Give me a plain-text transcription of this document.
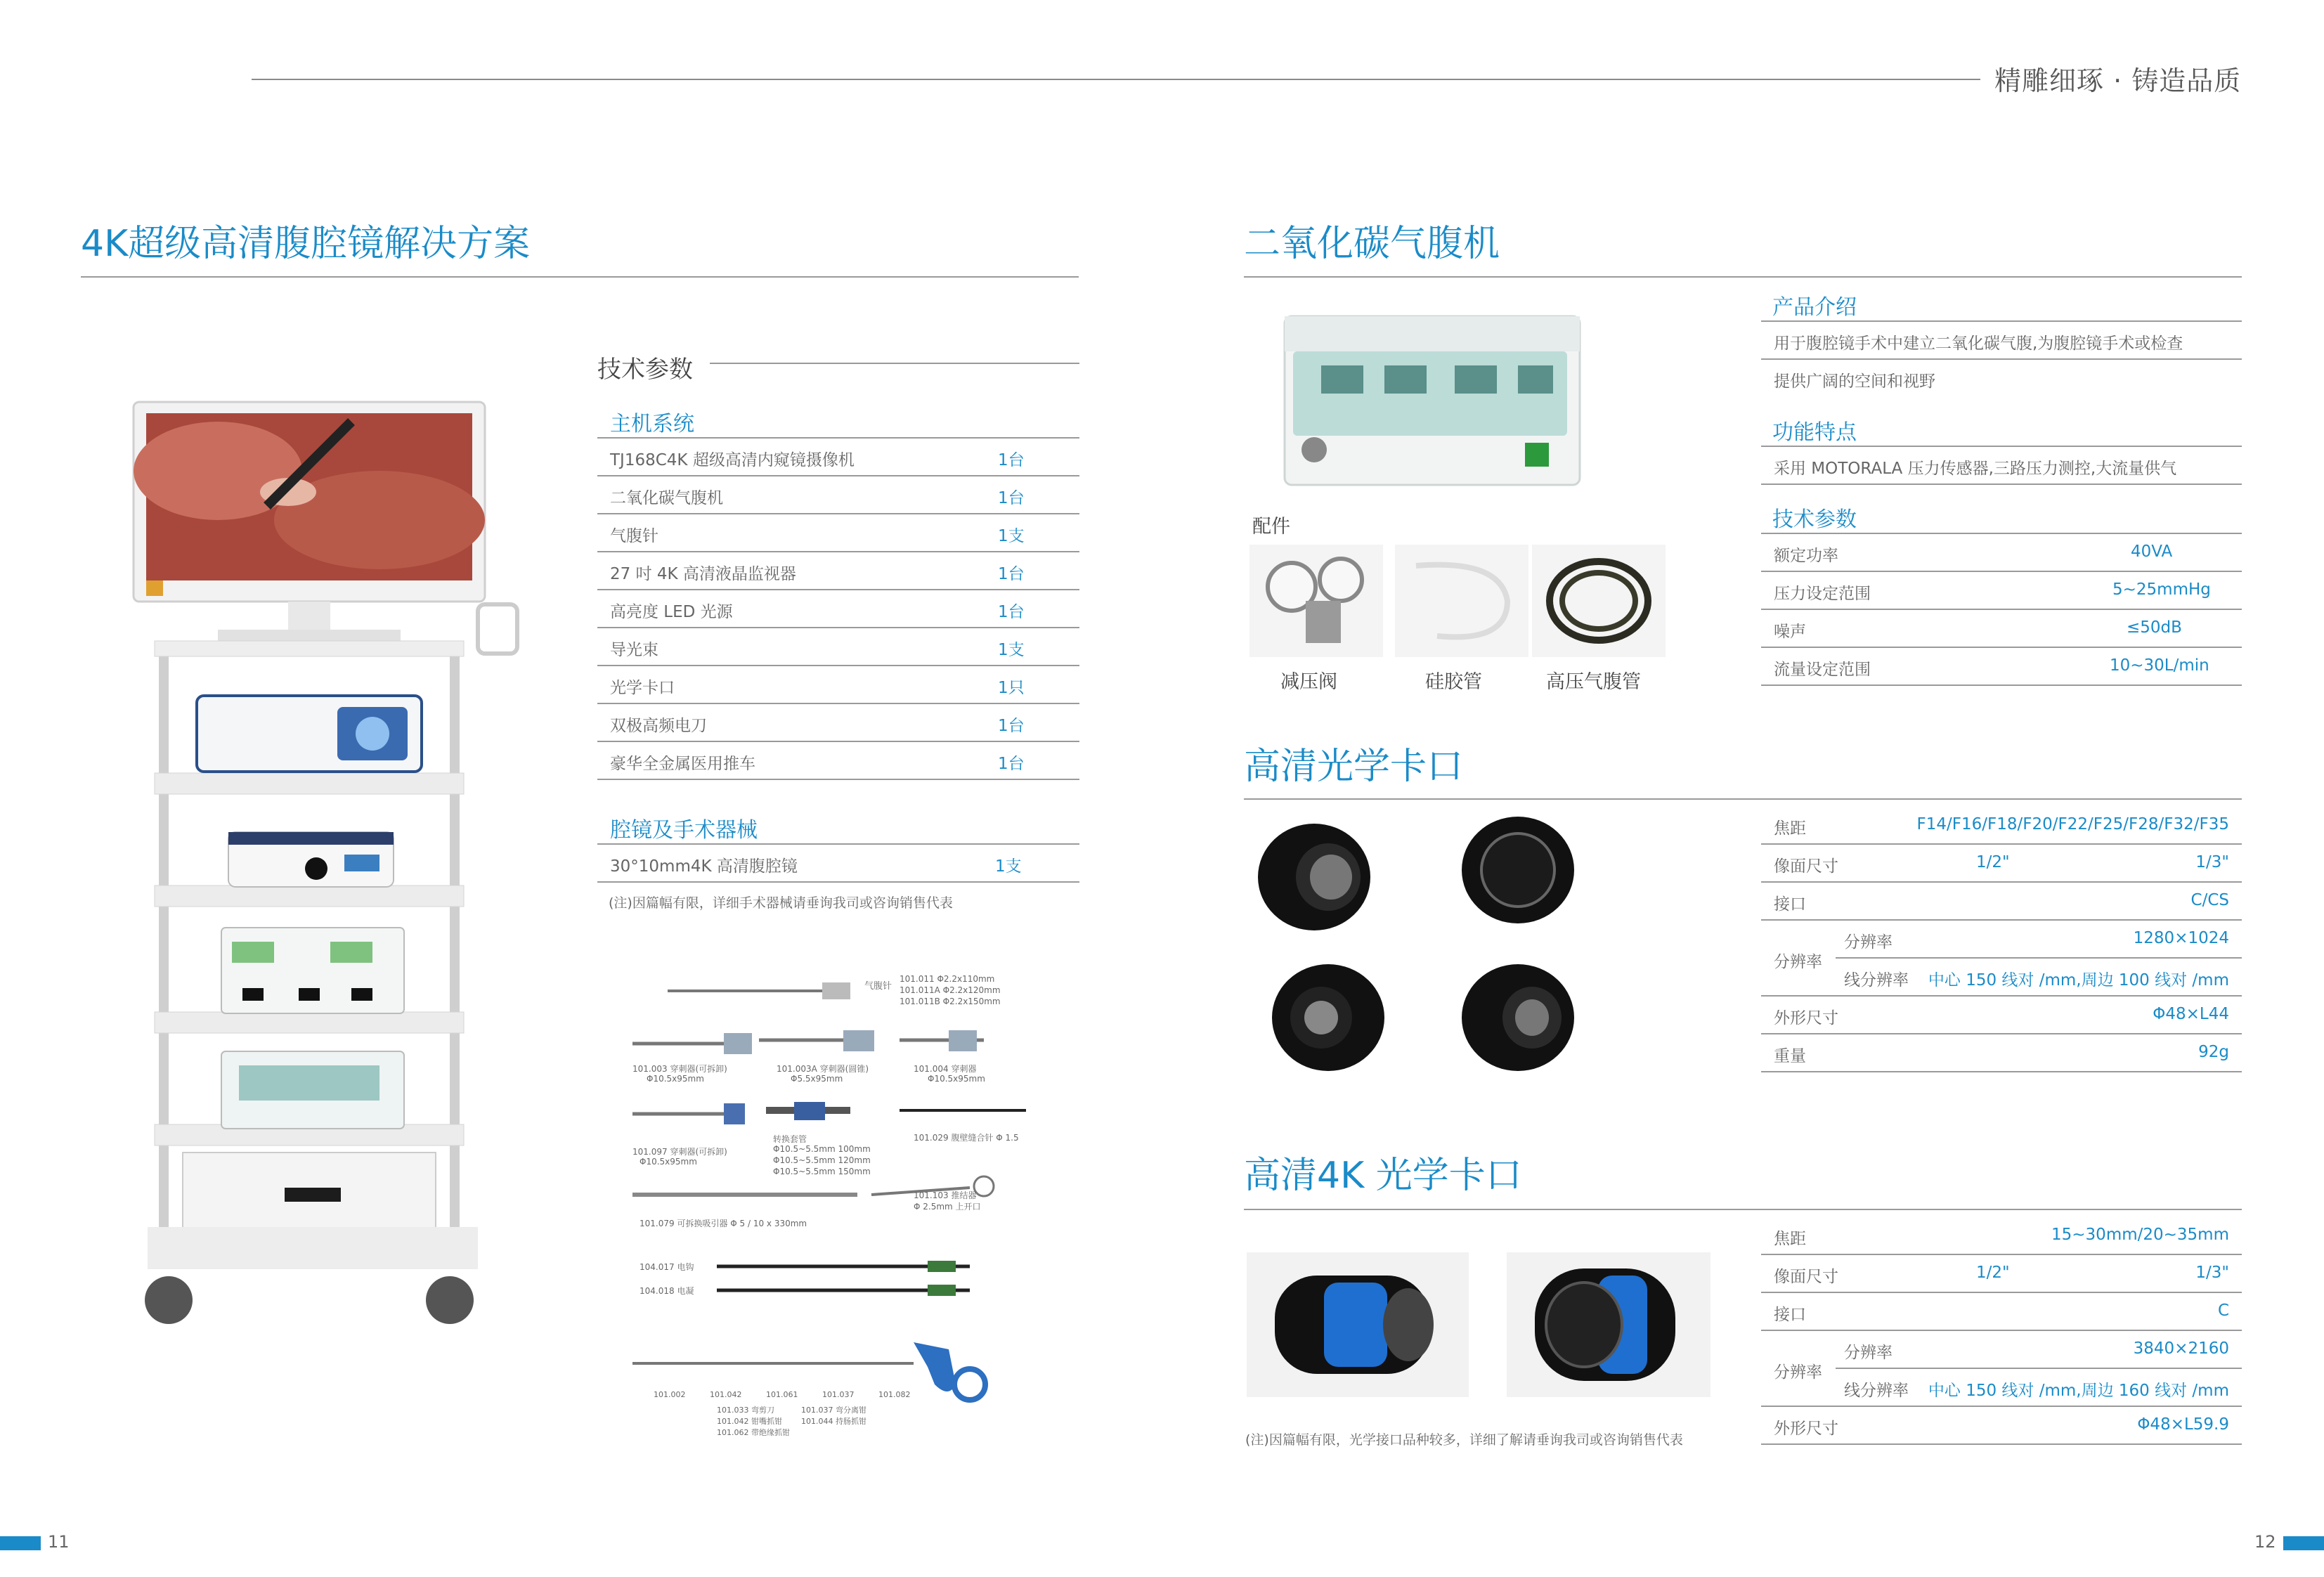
精雕细琢 · 铸造品质
4K超级高清腹腔镜解决方案
技术参数
主机系统
TJ168C4K 超级高清内窥镜摄像机	1台
二氧化碳气腹机	1台
气腹针	1支
27 吋 4K 高清液晶监视器	1台
高亮度 LED 光源	1台
导光束	1支
光学卡口	1只
双极高频电刀	1台
豪华全金属医用推车	1台
腔镜及手术器械
30°10mm4K 高清腹腔镜	1支
(注)因篇幅有限，详细手术器械请垂询我司或咨询销售代表
气腹针
101.011 Φ2.2x110mm
101.011A Φ2.2x120mm
101.011B Φ2.2x150mm
101.003 穿刺器(可拆卸)
Φ10.5x95mm
101.003A 穿刺器(圆锥)
Φ5.5x95mm
101.004 穿刺器
Φ10.5x95mm
101.097 穿刺器(可拆卸)
Φ10.5x95mm
转换套管
Φ10.5~5.5mm 100mm
Φ10.5~5.5mm 120mm
Φ10.5~5.5mm 150mm
101.029 腹壁缝合针 Φ 1.5
101.079 可拆换吸引器 Φ 5 / 10 x 330mm
101.103 推结器
Φ 2.5mm 上开口
104.017 电钩
104.018 电凝
101.002	101.042	101.061	101.037	101.082
101.033 弯剪刀
101.042 钳嘴抓钳
101.062 带绝缘抓钳
101.037 弯分离钳
101.044 持肠抓钳
二氧化碳气腹机
配件
减压阀	硅胶管	高压气腹管
产品介绍
用于腹腔镜手术中建立二氧化碳气腹,为腹腔镜手术或检查
提供广阔的空间和视野
功能特点
采用 MOTORALA 压力传感器,三路压力测控,大流量供气
技术参数
额定功率	40VA
压力设定范围	5~25mmHg
噪声	≤50dB
流量设定范围	10~30L/min
高清光学卡口
焦距	F14/F16/F18/F20/F22/F25/F28/F32/F35
像面尺寸	1/2"	1/3"
接口	C/CS
分辨率
分辨率	1280×1024
线分辨率 中心 150 线对 /mm,周边 100 线对 /mm
外形尺寸	Φ48×L44
重量	92g
高清4K 光学卡口
(注)因篇幅有限，光学接口品种较多，详细了解请垂询我司或咨询销售代表
焦距	15~30mm/20~35mm
像面尺寸	1/2"	1/3"
接口	C
分辨率
分辨率	3840×2160
线分辨率 中心 150 线对 /mm,周边 160 线对 /mm
外形尺寸	Φ48×L59.9
11	12
